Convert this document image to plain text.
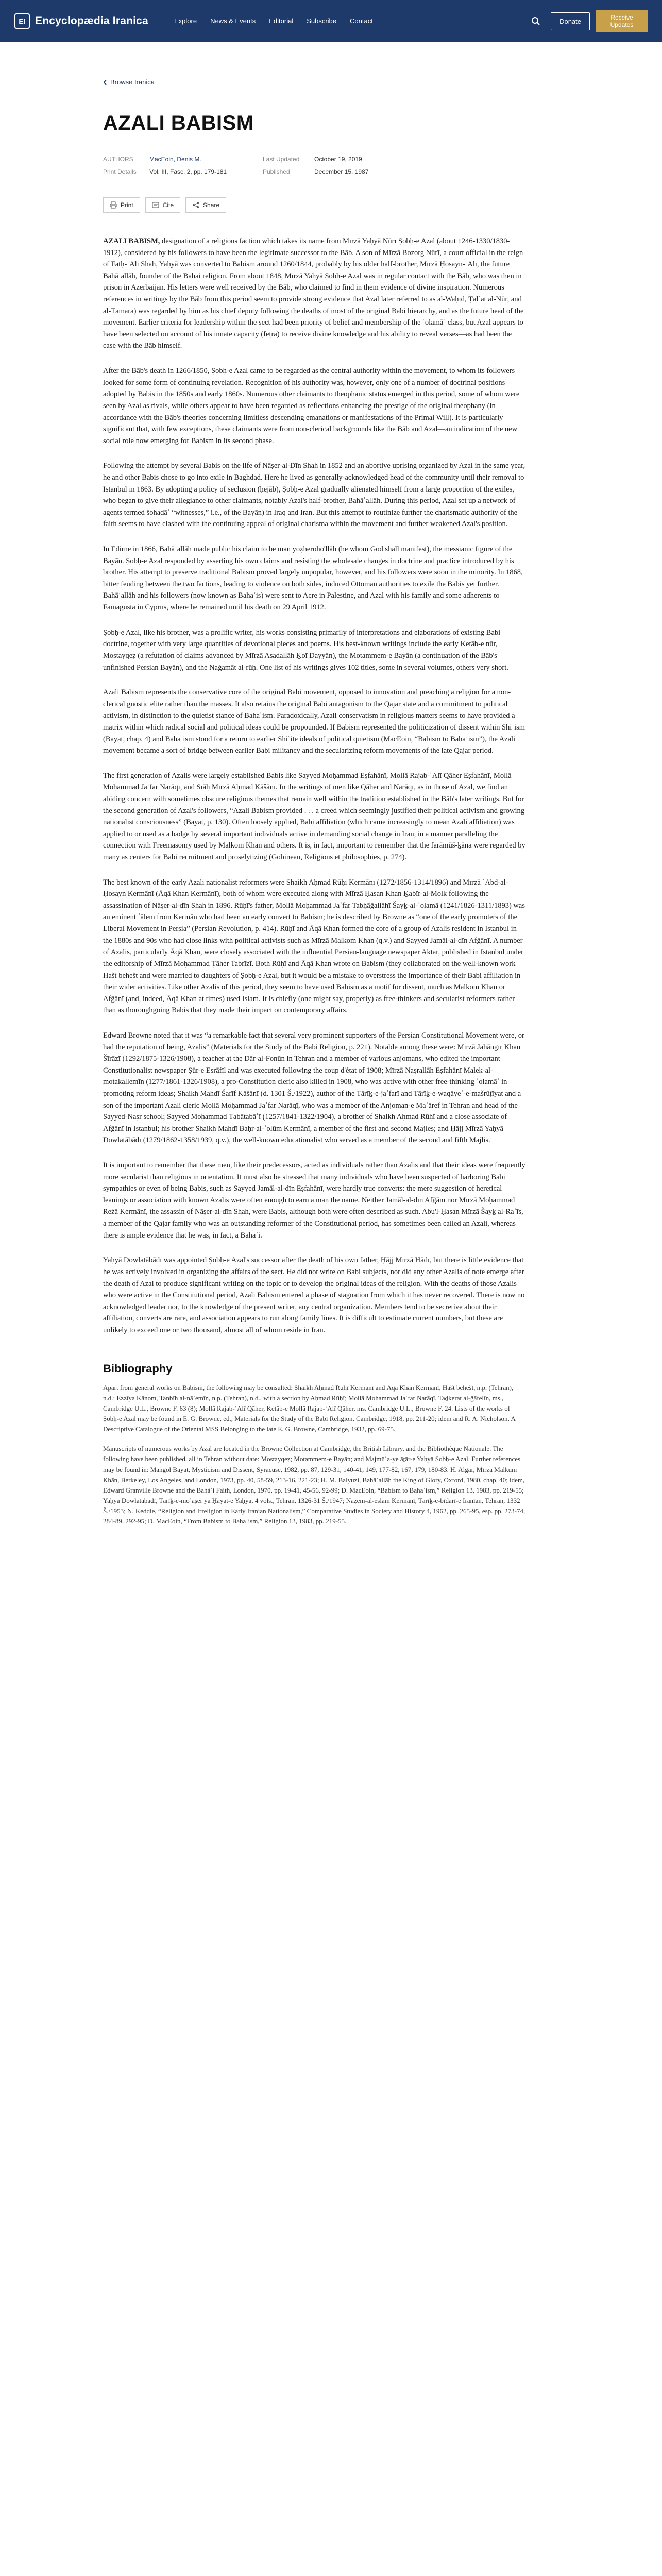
EI Encyclopædia Iranica	Explore News & Events Editorial Subscribe Contact	Donate	Receive Updates
Browse Iranica
AZALI BABISM
AUTHORS	MacEoin, Denis M.	Last Updated	October 19, 2019
Print Details	Vol. III, Fasc. 2, pp. 179-181	Published	December 15, 1987
Print	Cite	Share

AZALI BABISM, designation of a religious faction which takes its name from Mīrzā Yaḥyā Nūrī Ṣobḥ-e Azal (about 1246-1330/1830-1912), considered by his followers to have been the legitimate successor to the Bāb. A son of Mīrzā Bozorg Nūrī, a court official in the reign of Fatḥ-ʿAlī Shah, Yaḥyā was converted to Babism around 1260/1844, probably by his older half-brother, Mīrzā Ḥosayn-ʿAlī, the future Bahāʾallāh, founder of the Bahai religion. From about 1848, Mīrzā Yaḥyā Ṣobḥ-e Azal was in regular contact with the Bāb, who was then in prison in Azerbaijan. His letters were well received by the Bāb, who claimed to find in them evidence of divine inspiration. Numerous references in writings by the Bāb from this period seem to provide strong evidence that Azal later referred to as al-Waḥīd, Ṭalʿat al-Nūr, and al-Ṯamara) was regarded by him as his chief deputy following the deaths of most of the original Babi hierarchy, and as the future head of the movement. Earlier criteria for leadership within the sect had been priority of belief and membership of the ʿolamāʾ class, but Azal appears to have been selected on account of his innate capacity (feṭra) to receive divine knowledge and his ability to reveal verses—as had been the case with the Bāb himself.

After the Bāb's death in 1266/1850, Ṣobḥ-e Azal came to be regarded as the central authority within the movement, to whom its followers looked for some form of continuing revelation. Recognition of his authority was, however, only one of a number of doctrinal positions adopted by Babis in the 1850s and early 1860s. Numerous other claimants to theophanic status emerged in this period, some of whom were seen by Azal as rivals, while others appear to have been regarded as reflections enhancing the prestige of the original theophany (in accordance with the Bāb's theories concerning limitless descending emanations or manifestations of the Primal Will). It is particularly significant that, with few exceptions, these claimants were from non-clerical backgrounds like the Bāb and Azal—an indication of the new social role now emerging for Babism in its second phase.

Following the attempt by several Babis on the life of Nāṣer-al-Dīn Shah in 1852 and an abortive uprising organized by Azal in the same year, he and other Babis chose to go into exile in Baghdad. Here he lived as generally-acknowledged head of the community until their removal to Istanbul in 1863. By adopting a policy of seclusion (ḥejāb), Ṣobḥ-e Azal gradually alienated himself from a large proportion of the exiles, who began to give their allegiance to other claimants, notably Azal's half-brother, Bahāʾallāh. During this period, Azal set up a network of agents termed šohadāʾ “witnesses,” i.e., of the Bayān) in Iraq and Iran. But this attempt to routinize further the charismatic authority of the faith seems to have clashed with the continuing appeal of original charisma within the movement and further weakened Azal's position.

In Edirne in 1866, Bahāʾallāh made public his claim to be man yoẓheroho'llāh (he whom God shall manifest), the messianic figure of the Bayān. Ṣobḥ-e Azal responded by asserting his own claims and resisting the wholesale changes in doctrine and practice introduced by his brother. His attempt to preserve traditional Babism proved largely unpopular, however, and his followers were soon in the minority. In 1868, bitter feuding between the two factions, leading to violence on both sides, induced Ottoman authorities to exile the Babis yet further. Bahāʾallāh and his followers (now known as Bahaʾis) were sent to Acre in Palestine, and Azal with his family and some adherents to Famagusta in Cyprus, where he remained until his death on 29 April 1912.

Ṣobḥ-e Azal, like his brother, was a prolific writer, his works consisting primarily of interpretations and elaborations of existing Babi doctrine, together with very large quantities of devotional pieces and poems. His best-known writings include the early Ketāb-e nūr, Mostayqeẓ (a refutation of claims advanced by Mīrzā Asadallāh Ḵoī Dayyān), the Motammem-e Bayān (a continuation of the Bāb's unfinished Persian Bayān), and the Nağamāt al-rūḥ. One list of his writings gives 102 titles, some in several volumes, others very short.

Azali Babism represents the conservative core of the original Babi movement, opposed to innovation and preaching a religion for a non-clerical gnostic elite rather than the masses. It also retains the original Babi antagonism to the Qajar state and a commitment to political activism, in distinction to the quietist stance of Bahaʾism. Paradoxically, Azali conservatism in religious matters seems to have provided a matrix within which radical social and political ideas could be propounded. If Babism represented the politicization of dissent within Shiʿism (Bayat, chap. 4) and Bahaʾism stood for a return to earlier Shiʿite ideals of political quietism (MacEoin, “Babism to Bahaʾism”), the Azali movement became a sort of bridge between earlier Babi militancy and the secularizing reform movements of the late Qajar period.

The first generation of Azalis were largely established Babis like Sayyed Moḥammad Eṣfahānī, Mollā Rajab-ʿAlī Qāher Eṣfahānī, Mollā Moḥammad Jaʿfar Narāqī, and Sīāḥ Mīrzā Aḥmad Kāšānī. In the writings of men like Qāher and Narāqī, as in those of Azal, we find an abiding concern with sometimes obscure religious themes that remain well within the tradition established in the Bāb's later writings. But for the second generation of Azal's followers, “Azali Babism provided . . . a creed which seemingly justified their political activism and growing nationalist consciousness” (Bayat, p. 130). Often loosely applied, Babi affiliation (which came increasingly to mean Azali affiliation) was applied to or used as a badge by several important individuals active in demanding social change in Iran, in a manner paralleling the connection with Freemasonry used by Malkom Khan and others. It is, in fact, important to remember that the farāmūš-ḵāna were regarded by many as centers for Babi recruitment and proselytizing (Gobineau, Religions et philosophies, p. 274).

The best known of the early Azali nationalist reformers were Shaikh Aḥmad Rūḥī Kermānī (1272/1856-1314/1896) and Mīrzā ʿAbd-al-Ḥosayn Kermānī (Āqā Khan Kermānī), both of whom were executed along with Mīrzā Ḥasan Khan Ḵabīr-al-Molk following the assassination of Nāṣer-al-dīn Shah in 1896. Rūḥī's father, Mollā Moḥammad Jaʿfar Tabḥāḡallāhī Šayḵ-al-ʿolamā (1241/1826-1311/1893) was an eminent ʿālem from Kermān who had been an early convert to Babism; he is described by Browne as “one of the early promoters of the Liberal Movement in Persia” (Persian Revolution, p. 414). Rūḥī and Āqā Khan formed the core of a group of Azalis resident in Istanbul in the 1880s and 90s who had close links with political activists such as Mīrzā Malkom Khan (q.v.) and Sayyed Jamāl-al-dīn Afḡānī. A number of Azalis, particularly Āqā Khan, were closely associated with the influential Persian-language newspaper Aḵtar, published in Istanbul under the editorship of Mīrzā Moḥammad Ṭāher Tabrīzī. Both Rūḥī and Āqā Khan wrote on Babism (they collaborated on the well-known work Hašt behešt and were married to daughters of Ṣobḥ-e Azal, but it would be a mistake to overstress the importance of their Babi affiliation in their wider activities. Like other Azalis of this period, they seem to have used Babism as a motif for dissent, much as Malkom Khan or Afḡānī (and, indeed, Āqā Khan at times) used Islam. It is chiefly (one might say, properly) as free-thinkers and secularist reformers rather than as thoroughgoing Babis that they made their impact on contemporary affairs.

Edward Browne noted that it was “a remarkable fact that several very prominent supporters of the Persian Constitutional Movement were, or had the reputation of being, Azalis” (Materials for the Study of the Babi Religion, p. 221). Notable among these were: Mīrzā Jahāngīr Khan Šīrāzī (1292/1875-1326/1908), a teacher at the Dār-al-Fonūn in Tehran and a member of various anjomans, who edited the important Constitutionalist newspaper Ṣūr-e Esrāfīl and was executed following the coup d'état of 1908; Mīrzā Naṣrallāh Eṣfahānī Malek-al-motakallemīn (1277/1861-1326/1908), a pro-Constitution cleric also killed in 1908, who was active with other free-thinking ʿolamāʾ in promoting reform ideas; Shaikh Mahdī Šarīf Kāšānī (d. 1301 Š./1922), author of the Tārīḵ-e-jaʿfarī and Tārīḵ-e-waqāyeʿ-e-mašrūṭīyat and a son of the important Azali cleric Mollā Moḥammad Jaʿfar Narāqī, who was a member of the Anjoman-e Maʿāref in Tehran and head of the Sayyed-Naṣr school; Sayyed Moḥammad Ṭabāṭabāʾī (1257/1841-1322/1904), a brother of Shaikh Aḥmad Rūḥī and a close associate of Afḡānī in Istanbul; his brother Shaikh Mahdī Baḥr-al-ʿolūm Kermānī, a member of the first and second Majles; and Ḥājj Mīrzā Yaḥyā Dowlatābādī (1279/1862-1358/1939, q.v.), the well-known educationalist who served as a member of the second and fifth Majlis.

It is important to remember that these men, like their predecessors, acted as individuals rather than Azalis and that their ideas were frequently more secularist than religious in orientation. It must also be stressed that many individuals who have been suspected of harboring Babi sympathies or even of being Babis, such as Sayyed Jamāl-al-dīn Eṣfahānī, were hardly true converts: the mere suggestion of heretical leanings or association with known Azalis were often enough to earn a man the name. Neither Jamāl-al-dīn Afḡānī nor Mīrzā Moḥammad Reżā Kermānī, the assassin of Nāṣer-al-dīn Shah, were Babis, although both were often described as such. Abu'l-Ḥasan Mīrzā Šayḵ al-Raʾīs, a member of the Qajar family who was an outstanding reformer of the Constitutional period, has sometimes been called an Azali, whereas there is ample evidence that he was, in fact, a Bahaʾi.

Yaḥyā Dowlatābādī was appointed Ṣobḥ-e Azal's successor after the death of his own father, Ḥājj Mīrzā Hādī, but there is little evidence that he was actively involved in organizing the affairs of the sect. He did not write on Babi subjects, nor did any other Azalis of note emerge after the death of Azal to produce significant writing on the topic or to develop the original ideas of the religion. With the deaths of those Azalis who were active in the Constitutional period, Azali Babism entered a phase of stagnation from which it has never recovered. There is now no acknowledged leader nor, to the knowledge of the present writer, any central organization. Members tend to be secretive about their affiliation, converts are rare, and association appears to run along family lines. It is difficult to estimate current numbers, but these are unlikely to exceed one or two thousand, almost all of whom reside in Iran.

Bibliography

Apart from general works on Babism, the following may be consulted: Shaikh Aḥmad Rūḥī Kermānī and Āqā Khan Kermānī, Hašt behešt, n.p. (Tehran), n.d.; Ezzīya Ḵānom, Tanbīh al-nāʾemīn, n.p. (Tehran), n.d., with a section by Aḥmad Rūḥī; Mollā Moḥammad Jaʿfar Narāqī, Taḏkerat al-ḡāfelīn, ms., Cambridge U.L., Browne F. 63 (8); Mollā Rajab-ʿAlī Qāher, Ketāb-e Mollā Rajab-ʿAlī Qāher, ms. Cambridge U.L., Browne F. 24. Lists of the works of Ṣobḥ-e Azal may be found in E. G. Browne, ed., Materials for the Study of the Bābī Religion, Cambridge, 1918, pp. 211-20; idem and R. A. Nicholson, A Descriptive Catalogue of the Oriental MSS Belonging to the late E. G. Browne, Cambridge, 1932, pp. 69-75.

Manuscripts of numerous works by Azal are located in the Browne Collection at Cambridge, the British Library, and the Bibliothèque Nationale. The following have been published, all in Tehran without date: Mostayqeẓ; Motammem-e Bayān; and Majmūʿa-ye āṯār-e Yaḥyā Ṣobḥ-e Azal. Further references may be found in: Mangol Bayat, Mysticism and Dissent, Syracuse, 1982, pp. 87, 129-31, 140-41, 149, 177-82, 167, 179, 180-83. H. Algar, Mīrzā Malkum Khān, Berkeley, Los Angeles, and London, 1973, pp. 40, 58-59, 213-16, 221-23; H. M. Balyuzi, Bahāʾallāh the King of Glory, Oxford, 1980, chap. 40; idem, Edward Granville Browne and the Baháʾí Faith, London, 1970, pp. 19-41, 45-56, 92-99; D. MacEoin, “Babism to Bahaʾism,” Religion 13, 1983, pp. 219-55; Yaḥyā Dowlatābādī, Tārīḵ-e-moʿāṣer yā Ḥayāt-e Yaḥyā, 4 vols., Tehran, 1326-31 Š./1947; Nāẓem-al-eslām Kermānī, Tārīḵ-e-bīdārī-e Īrānīān, Tehran, 1332 Š./1953; N. Keddie, “Religion and Irreligion in Early Iranian Nationalism,” Comparative Studies in Society and History 4, 1962, pp. 265-95, esp. pp. 273-74, 284-89, 292-95; D. MacEoin, “From Babism to Bahaʾism,” Religion 13, 1983, pp. 219-55.
